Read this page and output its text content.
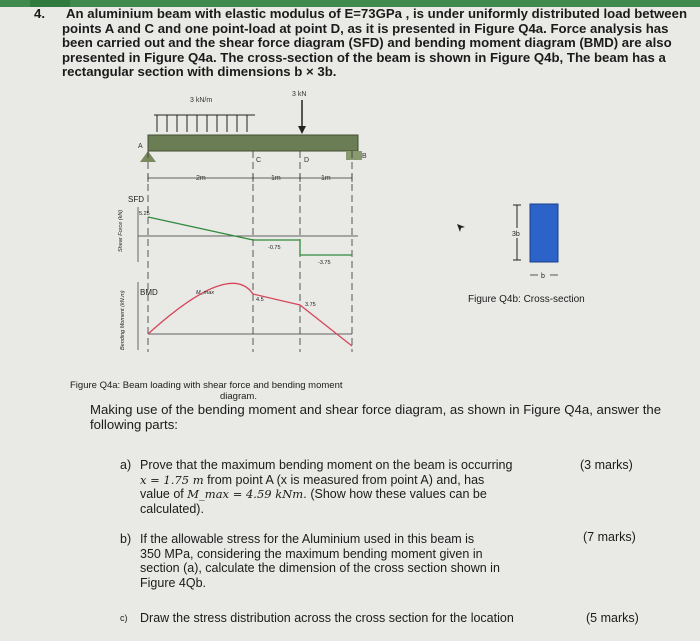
4. An aluminium beam with elastic modulus of E=73GPa , is under uniformly distributed load between points A and C and one point-load at point D, as it is presented in Figure Q4a. Force analysis has been carried out and the shear force diagram (SFD) and bending moment diagram (BMD) are also presented in Figure Q4a. The cross-section of the beam is shown in Figure Q4b, The beam has a rectangular section with dimensions b × 3b.

3 kN/m
3 kN
A
B
C	D
2m	1m	1m
SFD
Shear Force (kN)	5.25
-0.75
-3.75
BMD
Bending Moment (kN.m)	M_max
4.5
3.75
3b
b

Figure Q4b: Cross-section

Figure Q4a: Beam loading with shear force and bending moment
diagram.

Making use of the bending moment and shear force diagram, as shown in Figure Q4a, answer the following parts:

a) Prove that the maximum bending moment on the beam is occurring
x = 1.75 m from point A (x is measured from point A) and, has
value of M_max = 4.59 kNm. (Show how these values can be
calculated).
(3 marks)
b) If the allowable stress for the Aluminium used in this beam is
350 MPa, considering the maximum bending moment given in
section (a), calculate the dimension of the cross section shown in
Figure 4Qb.
(7 marks)
c) Draw the stress distribution across the cross section for the location	(5 marks)
